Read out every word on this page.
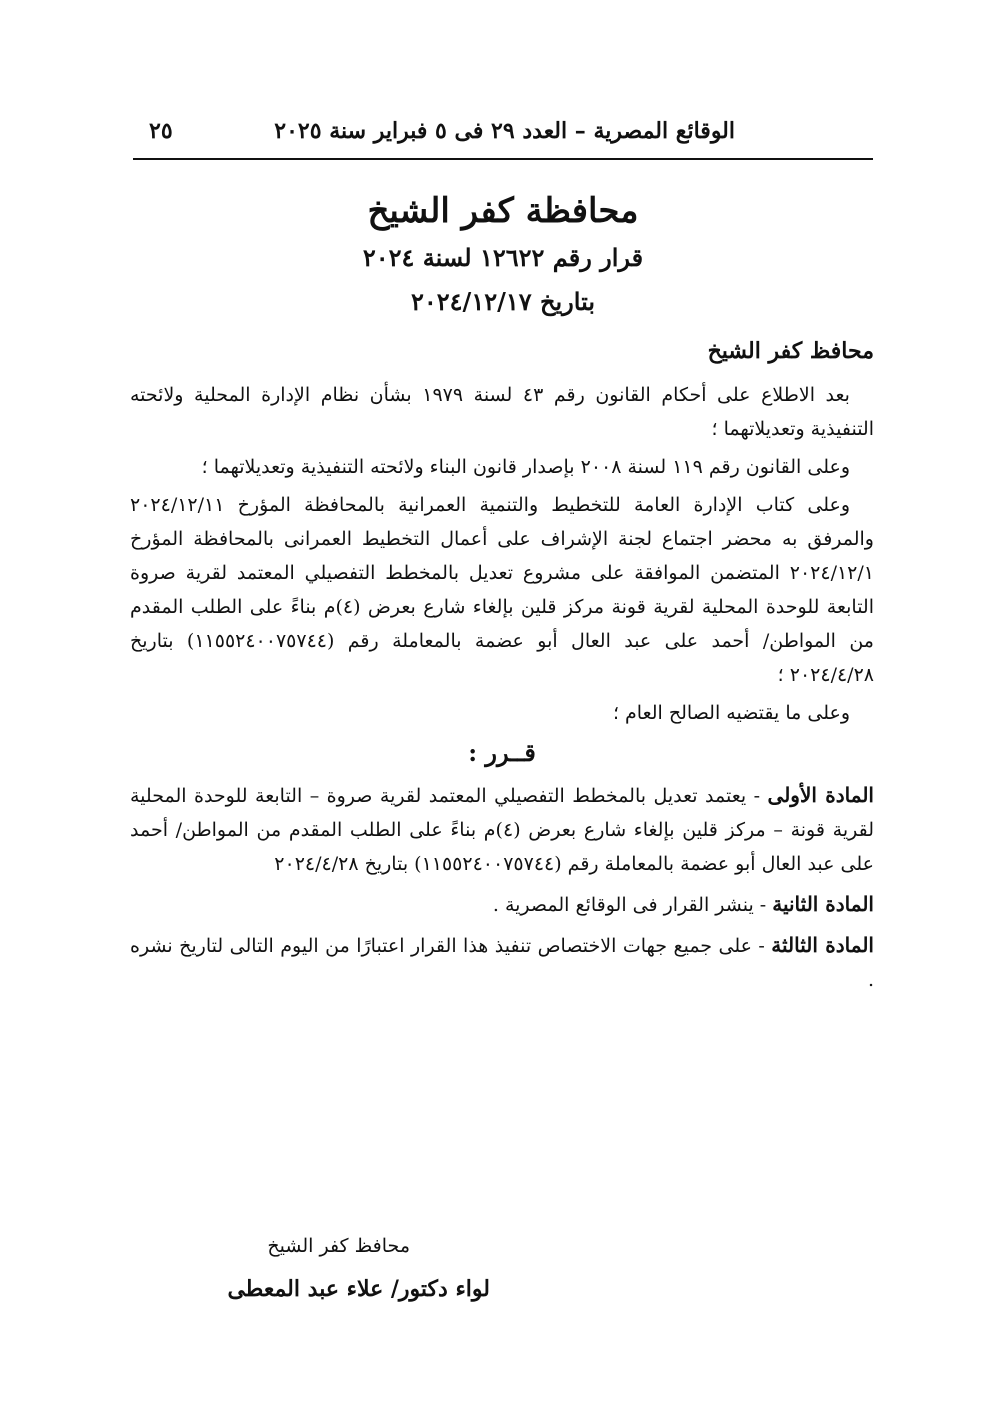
الوقائع المصرية – العدد ٢٩ فى ٥ فبراير سنة ٢٠٢٥
٢٥
محافظة كفر الشيخ
قرار رقم ١٢٦٢٢ لسنة ٢٠٢٤
بتاريخ ٢٠٢٤/١٢/١٧
محافظ كفر الشيخ

بعد الاطلاع على أحكام القانون رقم ٤٣ لسنة ١٩٧٩ بشأن نظام الإدارة المحلية ولائحته التنفيذية وتعديلاتهما ؛

وعلى القانون رقم ١١٩ لسنة ٢٠٠٨ بإصدار قانون البناء ولائحته التنفيذية وتعديلاتهما ؛

وعلى كتاب الإدارة العامة للتخطيط والتنمية العمرانية بالمحافظة المؤرخ ٢٠٢٤/١٢/١١ والمرفق به محضر اجتماع لجنة الإشراف على أعمال التخطيط العمرانى بالمحافظة المؤرخ ٢٠٢٤/١٢/١ المتضمن الموافقة على مشروع تعديل بالمخطط التفصيلي المعتمد لقرية صروة التابعة للوحدة المحلية لقرية قونة مركز قلين بإلغاء شارع بعرض (٤)م بناءً على الطلب المقدم من المواطن/ أحمد على عبد العال أبو عضمة بالمعاملة رقم (١١٥٥٢٤٠٠٧٥٧٤٤) بتاريخ ٢٠٢٤/٤/٢٨ ؛

وعلى ما يقتضيه الصالح العام ؛

قــرر :

المادة الأولى - يعتمد تعديل بالمخطط التفصيلي المعتمد لقرية صروة – التابعة للوحدة المحلية لقرية قونة – مركز قلين بإلغاء شارع بعرض (٤)م بناءً على الطلب المقدم من المواطن/ أحمد على عبد العال أبو عضمة بالمعاملة رقم (١١٥٥٢٤٠٠٧٥٧٤٤) بتاريخ ٢٠٢٤/٤/٢٨

المادة الثانية - ينشر القرار فى الوقائع المصرية .

المادة الثالثة - على جميع جهات الاختصاص تنفيذ هذا القرار اعتبارًا من اليوم التالى لتاريخ نشره .

محافظ كفر الشيخ
لواء دكتور/ علاء عبد المعطى
